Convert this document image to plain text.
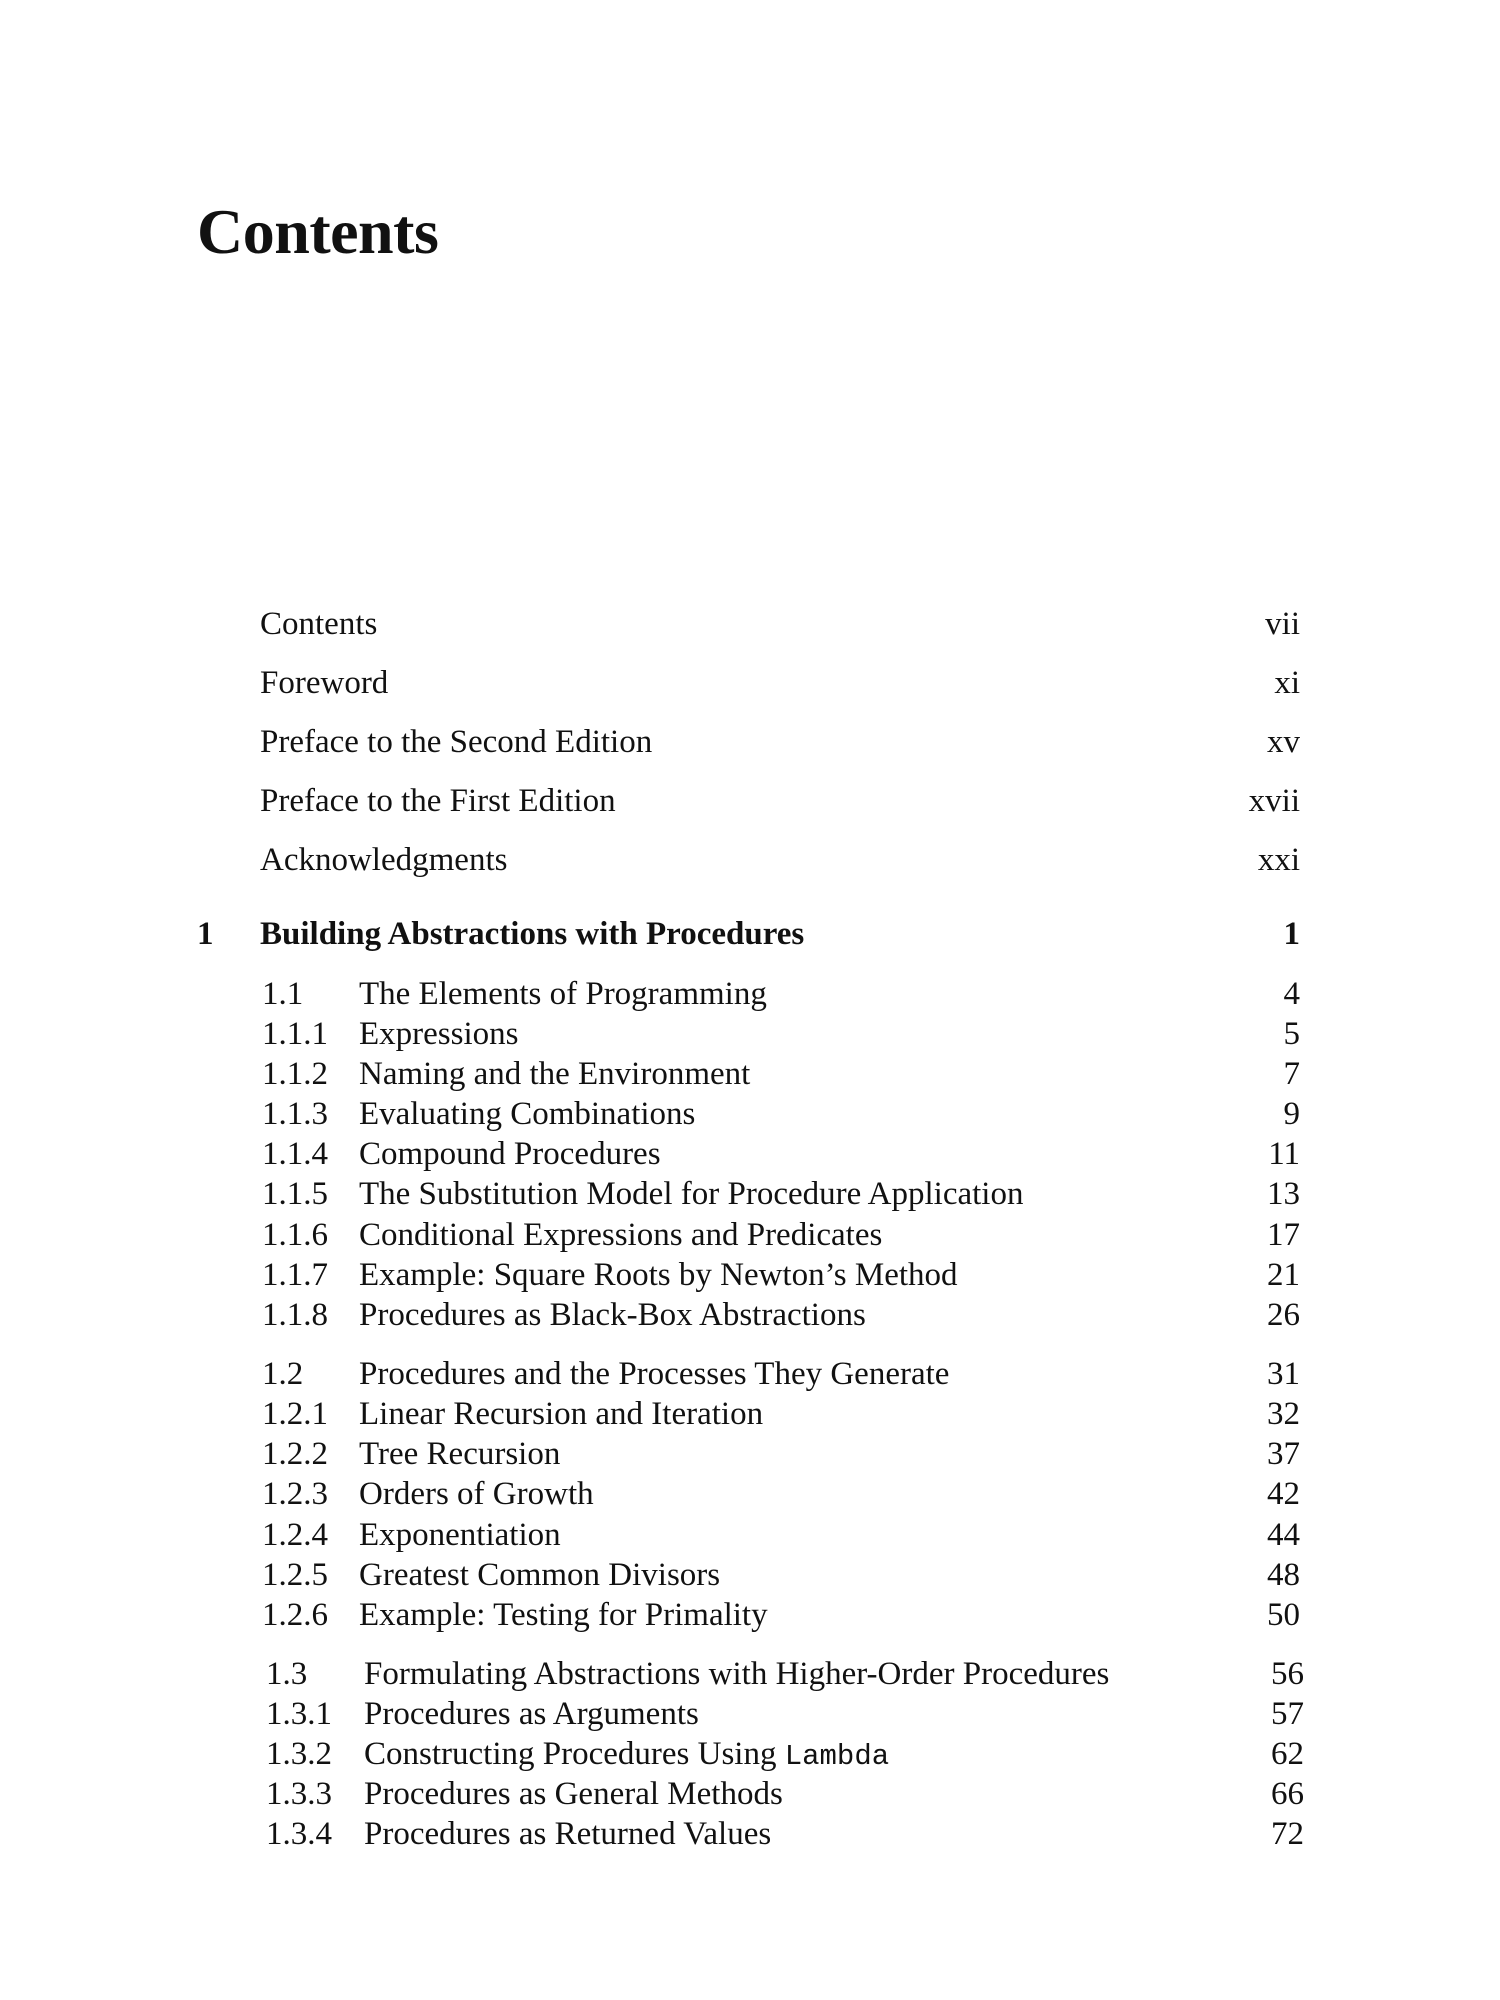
Contents
Contents	vii
Foreword	xi
Preface to the Second Edition	xv
Preface to the First Edition	xvii
Acknowledgments	xxi
1 Building Abstractions with Procedures	1
1.1 The Elements of Programming	4
1.1.1 Expressions	5
1.1.2 Naming and the Environment	7
1.1.3 Evaluating Combinations	9
1.1.4 Compound Procedures	11
1.1.5 The Substitution Model for Procedure Application	13
1.1.6 Conditional Expressions and Predicates	17
1.1.7 Example: Square Roots by Newton’s Method	21
1.1.8 Procedures as Black-Box Abstractions	26
1.2 Procedures and the Processes They Generate	31
1.2.1 Linear Recursion and Iteration	32
1.2.2 Tree Recursion	37
1.2.3 Orders of Growth	42
1.2.4 Exponentiation	44
1.2.5 Greatest Common Divisors	48
1.2.6 Example: Testing for Primality	50
1.3 Formulating Abstractions with Higher-Order Procedures	56
1.3.1 Procedures as Arguments	57
1.3.2 Constructing Procedures Using Lambda	62
1.3.3 Procedures as General Methods	66
1.3.4 Procedures as Returned Values	72
